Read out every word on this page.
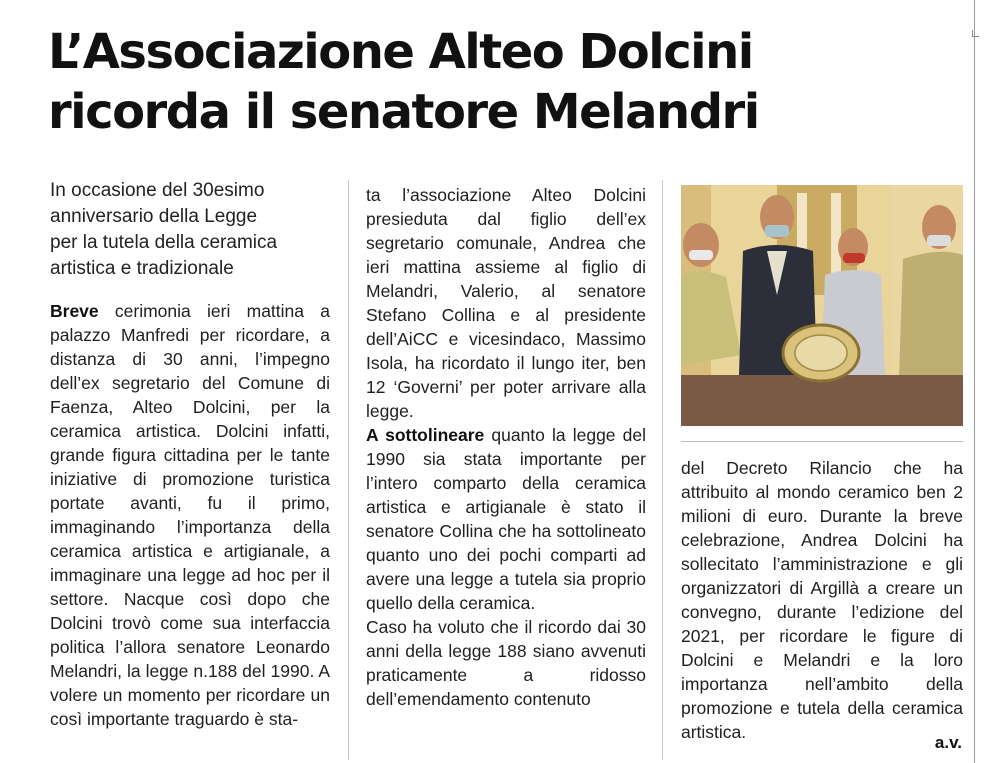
L’Associazione Alteo Dolcini
ricorda il senatore Melandri
In occasione del 30esimo
anniversario della Legge
per la tutela della ceramica
artistica e tradizionale

Breve cerimonia ieri mattina a palazzo Manfredi per ricordare, a distanza di 30 anni, l’impegno dell’ex segretario del Comune di Faenza, Alteo Dolcini, per la ceramica artistica. Dolcini infatti, grande figura cittadina per le tante iniziative di promozione turistica portate avanti, fu il primo, immaginando l’importanza della ceramica artistica e artigianale, a immaginare una legge ad hoc per il settore. Nacque così dopo che Dolcini trovò come sua interfaccia politica l’allora senatore Leonardo Melandri, la legge n.188 del 1990. A volere un momento per ricordare un così importante traguardo è sta-

ta l’associazione Alteo Dolcini presieduta dal figlio dell’ex segretario comunale, Andrea che ieri mattina assieme al figlio di Melandri, Valerio, al senatore Stefano Collina e al presidente dell’AiCC e vicesindaco, Massimo Isola, ha ricordato il lungo iter, ben 12 ‘Governi’ per poter arrivare alla legge.

A sottolineare quanto la legge del 1990 sia stata importante per l’intero comparto della ceramica artistica e artigianale è stato il senatore Collina che ha sottolineato quanto uno dei pochi comparti ad avere una legge a tutela sia proprio quello della ceramica.

Caso ha voluto che il ricordo dai 30 anni della legge 188 siano avvenuti praticamente a ridosso dell’emendamento contenuto

del Decreto Rilancio che ha attribuito al mondo ceramico ben 2 milioni di euro. Durante la breve celebrazione, Andrea Dolcini ha sollecitato l’amministrazione e gli organizzatori di Argillà a creare un convegno, durante l’edizione del 2021, per ricordare le figure di Dolcini e Melandri e la loro importanza nell’ambito della promozione e tutela della ceramica artistica.

a.v.
